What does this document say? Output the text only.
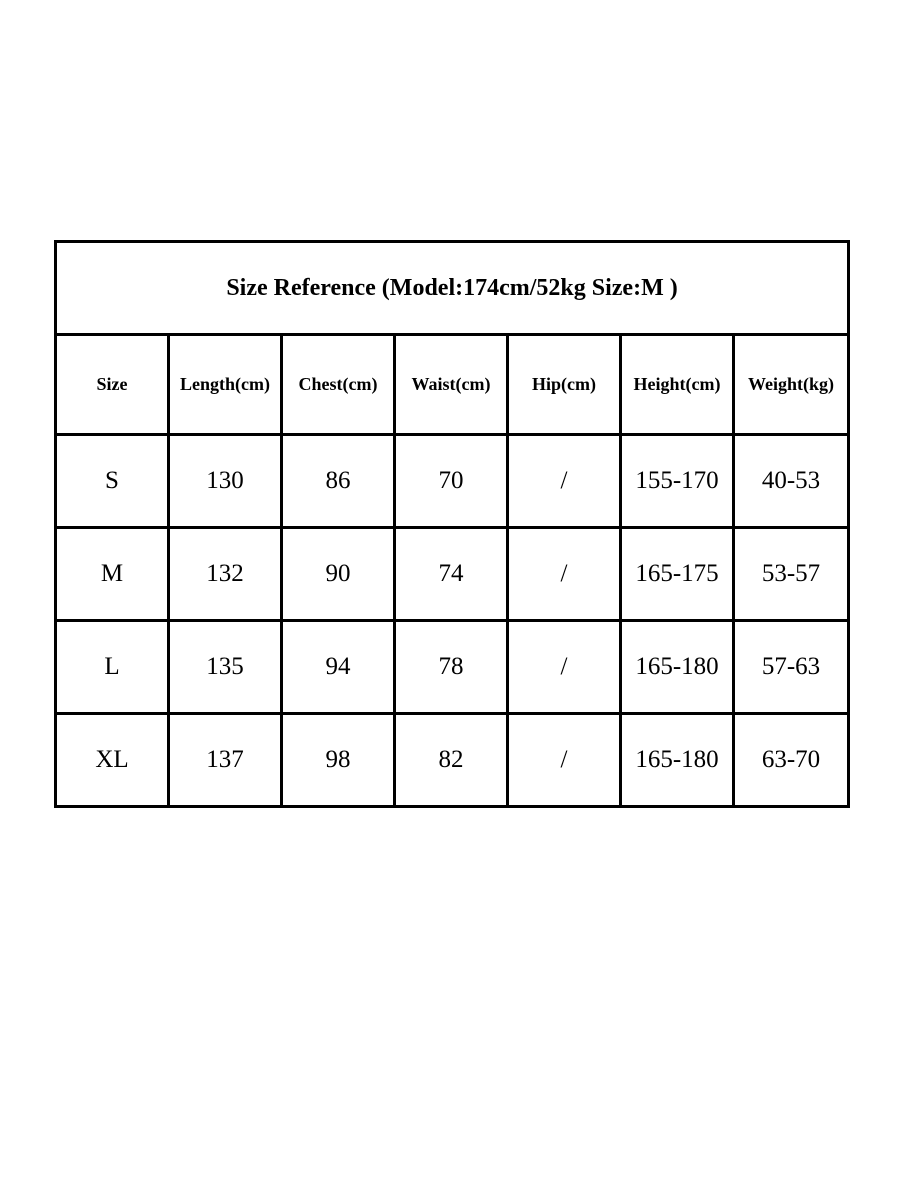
Size Reference (Model:174cm/52kg Size:M )						
Size	Length(cm)	Chest(cm)	Waist(cm)	Hip(cm)	Height(cm)	Weight(kg)
S	130	86	70	/	155-170	40-53
M	132	90	74	/	165-175	53-57
L	135	94	78	/	165-180	57-63
XL	137	98	82	/	165-180	63-70
